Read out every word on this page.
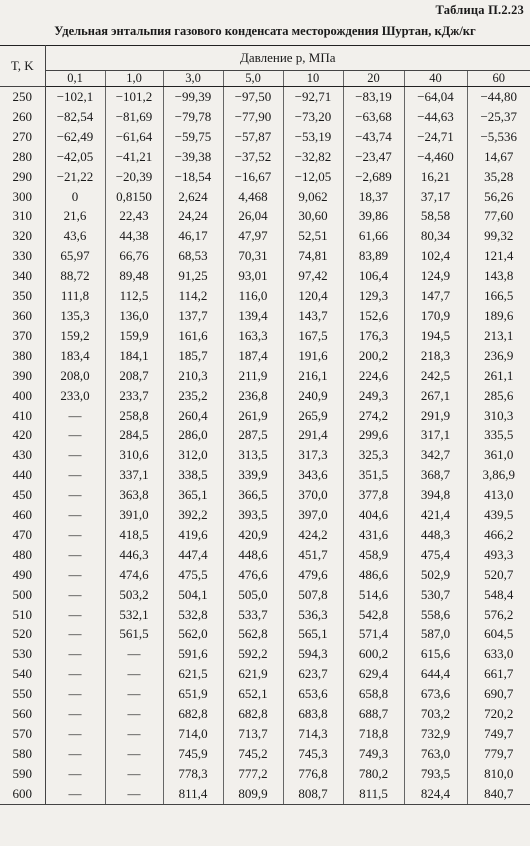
Таблица П.2.23
Удельная энтальпия газового конденсата месторождения Шуртан, кДж/кг
T, K	Давление p, МПа							
	0,1	1,0	3,0	5,0	10	20	40	60
250	−102,1	−101,2	−99,39	−97,50	−92,71	−83,19	−64,04	−44,80
260	−82,54	−81,69	−79,78	−77,90	−73,20	−63,68	−44,63	−25,37
270	−62,49	−61,64	−59,75	−57,87	−53,19	−43,74	−24,71	−5,536
280	−42,05	−41,21	−39,38	−37,52	−32,82	−23,47	−4,460	14,67
290	−21,22	−20,39	−18,54	−16,67	−12,05	−2,689	16,21	35,28
300	0	0,8150	2,624	4,468	9,062	18,37	37,17	56,26
310	21,6	22,43	24,24	26,04	30,60	39,86	58,58	77,60
320	43,6	44,38	46,17	47,97	52,51	61,66	80,34	99,32
330	65,97	66,76	68,53	70,31	74,81	83,89	102,4	121,4
340	88,72	89,48	91,25	93,01	97,42	106,4	124,9	143,8
350	111,8	112,5	114,2	116,0	120,4	129,3	147,7	166,5
360	135,3	136,0	137,7	139,4	143,7	152,6	170,9	189,6
370	159,2	159,9	161,6	163,3	167,5	176,3	194,5	213,1
380	183,4	184,1	185,7	187,4	191,6	200,2	218,3	236,9
390	208,0	208,7	210,3	211,9	216,1	224,6	242,5	261,1
400	233,0	233,7	235,2	236,8	240,9	249,3	267,1	285,6
410	—	258,8	260,4	261,9	265,9	274,2	291,9	310,3
420	—	284,5	286,0	287,5	291,4	299,6	317,1	335,5
430	—	310,6	312,0	313,5	317,3	325,3	342,7	361,0
440	—	337,1	338,5	339,9	343,6	351,5	368,7	3,86,9
450	—	363,8	365,1	366,5	370,0	377,8	394,8	413,0
460	—	391,0	392,2	393,5	397,0	404,6	421,4	439,5
470	—	418,5	419,6	420,9	424,2	431,6	448,3	466,2
480	—	446,3	447,4	448,6	451,7	458,9	475,4	493,3
490	—	474,6	475,5	476,6	479,6	486,6	502,9	520,7
500	—	503,2	504,1	505,0	507,8	514,6	530,7	548,4
510	—	532,1	532,8	533,7	536,3	542,8	558,6	576,2
520	—	561,5	562,0	562,8	565,1	571,4	587,0	604,5
530	—	—	591,6	592,2	594,3	600,2	615,6	633,0
540	—	—	621,5	621,9	623,7	629,4	644,4	661,7
550	—	—	651,9	652,1	653,6	658,8	673,6	690,7
560	—	—	682,8	682,8	683,8	688,7	703,2	720,2
570	—	—	714,0	713,7	714,3	718,8	732,9	749,7
580	—	—	745,9	745,2	745,3	749,3	763,0	779,7
590	—	—	778,3	777,2	776,8	780,2	793,5	810,0
600	—	—	811,4	809,9	808,7	811,5	824,4	840,7
